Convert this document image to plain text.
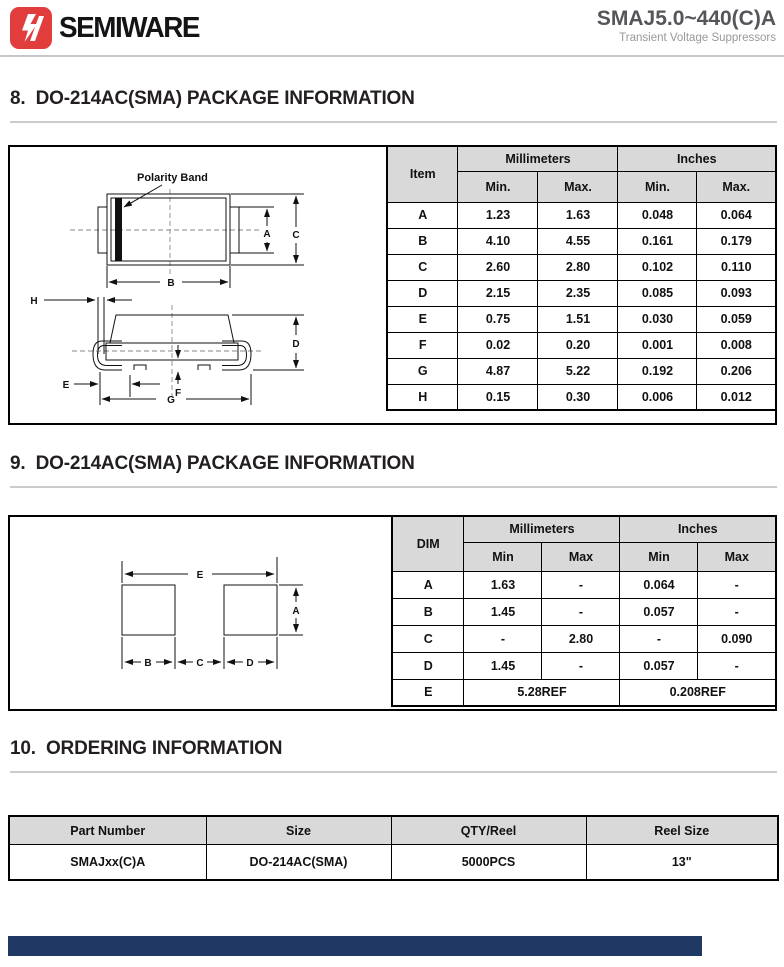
SEMIWARE	SMAJ5.0~440(C)A
Transient Voltage Suppressors
8.  DO-214AC(SMA) PACKAGE INFORMATION
Polarity Band
A C
B
H
D
E
F
G
Item	Millimeters		Inches	
	Min.	Max.	Min.	Max.
A	1.23	1.63	0.048	0.064
B	4.10	4.55	0.161	0.179
C	2.60	2.80	0.102	0.110
D	2.15	2.35	0.085	0.093
E	0.75	1.51	0.030	0.059
F	0.02	0.20	0.001	0.008
G	4.87	5.22	0.192	0.206
H	0.15	0.30	0.006	0.012
9.  DO-214AC(SMA) PACKAGE INFORMATION
E
A
B	C	D
DIM	Millimeters		Inches	
	Min	Max	Min	Max
A	1.63	-	0.064	-
B	1.45	-	0.057	-
C	-	2.80	-	0.090
D	1.45	-	0.057	-
E	5.28REF		0.208REF	
10.  ORDERING INFORMATION
Part Number	Size	QTY/Reel	Reel Size
SMAJxx(C)A	DO-214AC(SMA)	5000PCS	13"
